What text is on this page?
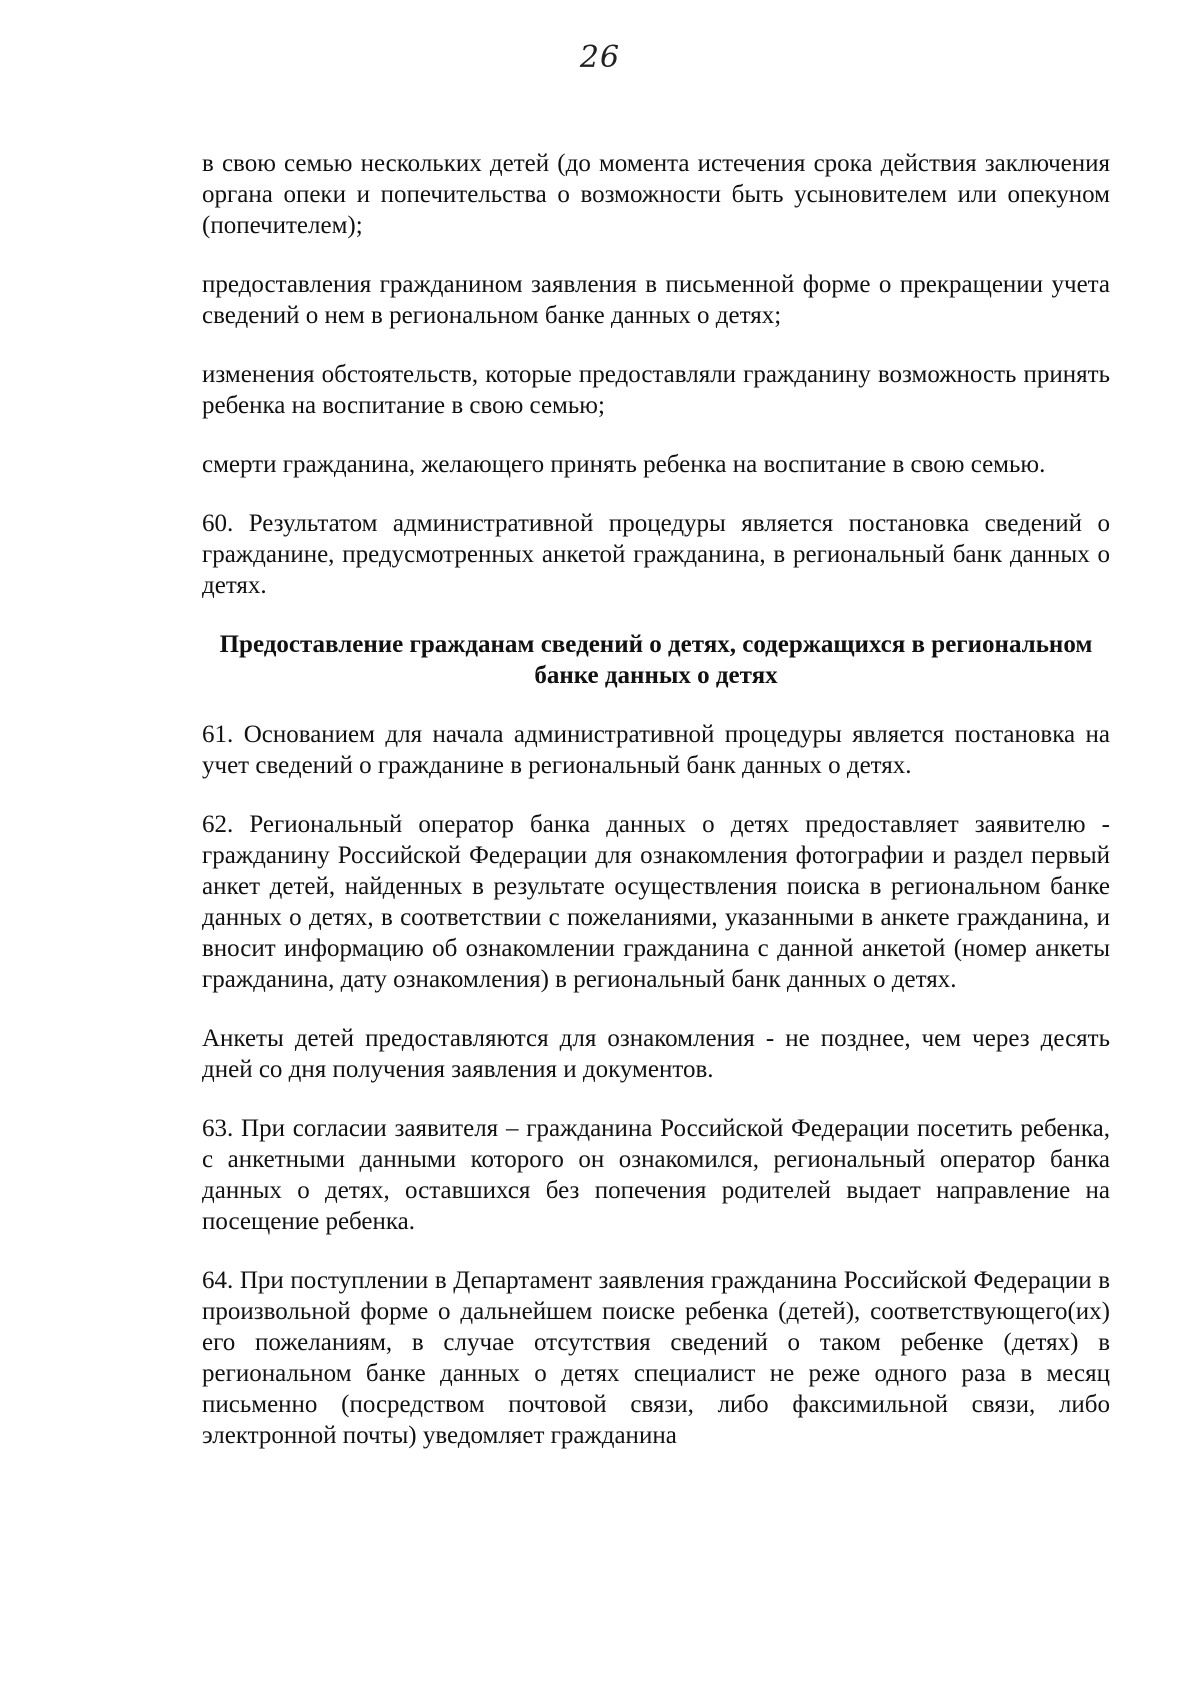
26

в свою семью нескольких детей (до момента истечения срока действия заключения органа опеки и попечительства о возможности быть усыновителем или опекуном (попечителем);

предоставления гражданином заявления в письменной форме о прекращении учета сведений о нем в региональном банке данных о детях;

изменения обстоятельств, которые предоставляли гражданину возможность принять ребенка на воспитание в свою семью;

смерти гражданина, желающего принять ребенка на воспитание в свою семью.

60. Результатом административной процедуры является постановка сведений о гражданине, предусмотренных анкетой гражданина, в региональный банк данных о детях.

Предоставление гражданам сведений о детях, содержащихся в региональном банке данных о детях

61. Основанием для начала административной процедуры является постановка на учет сведений о гражданине в региональный банк данных о детях.

62. Региональный оператор банка данных о детях предоставляет заявителю - гражданину Российской Федерации для ознакомления фотографии и раздел первый анкет детей, найденных в результате осуществления поиска в региональном банке данных о детях, в соответствии с пожеланиями, указанными в анкете гражданина, и вносит информацию об ознакомлении гражданина с данной анкетой (номер анкеты гражданина, дату ознакомления) в региональный банк данных о детях.

Анкеты детей предоставляются для ознакомления - не позднее, чем через десять дней со дня получения заявления и документов.

63. При согласии заявителя – гражданина Российской Федерации посетить ребенка, с анкетными данными которого он ознакомился, региональный оператор банка данных о детях, оставшихся без попечения родителей выдает направление на посещение ребенка.

64. При поступлении в Департамент заявления гражданина Российской Федерации в произвольной форме о дальнейшем поиске ребенка (детей), соответствующего(их) его пожеланиям, в случае отсутствия сведений о таком ребенке (детях) в региональном банке данных о детях специалист не реже одного раза в месяц письменно (посредством почтовой связи, либо факсимильной связи, либо электронной почты) уведомляет гражданина
